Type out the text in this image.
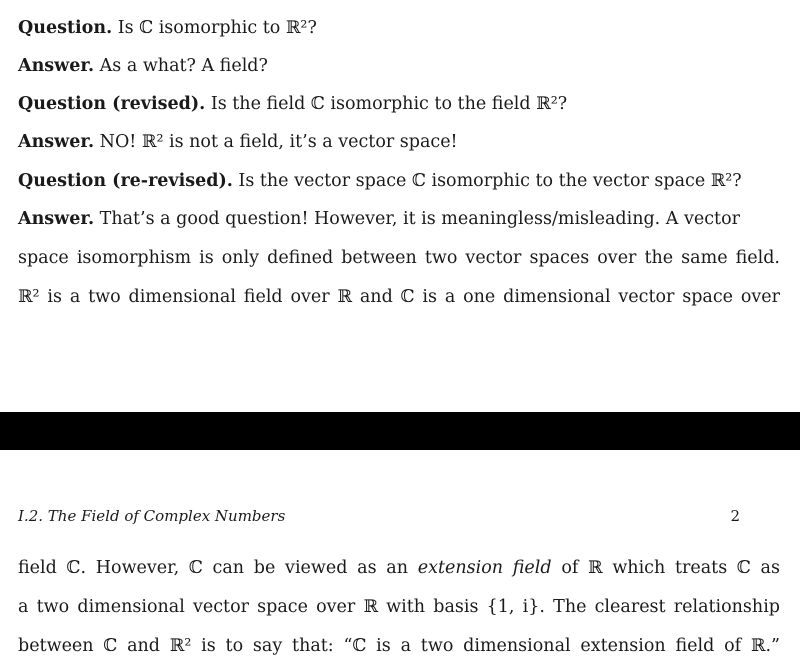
Question. Is ℂ isomorphic to ℝ²?
Answer. As a what? A field?
Question (revised). Is the field ℂ isomorphic to the field ℝ²?
Answer. NO! ℝ² is not a field, it’s a vector space!
Question (re-revised). Is the vector space ℂ isomorphic to the vector space ℝ²?
Answer. That’s a good question! However, it is meaningless/misleading. A vector
space isomorphism is only defined between two vector spaces over the same field.
ℝ² is a two dimensional field over ℝ and ℂ is a one dimensional vector space over
I.2. The Field of Complex Numbers	2
field ℂ. However, ℂ can be viewed as an extension field of ℝ which treats ℂ as
a two dimensional vector space over ℝ with basis {1, i}. The clearest relationship
between ℂ and ℝ² is to say that: “ℂ is a two dimensional extension field of ℝ.”
